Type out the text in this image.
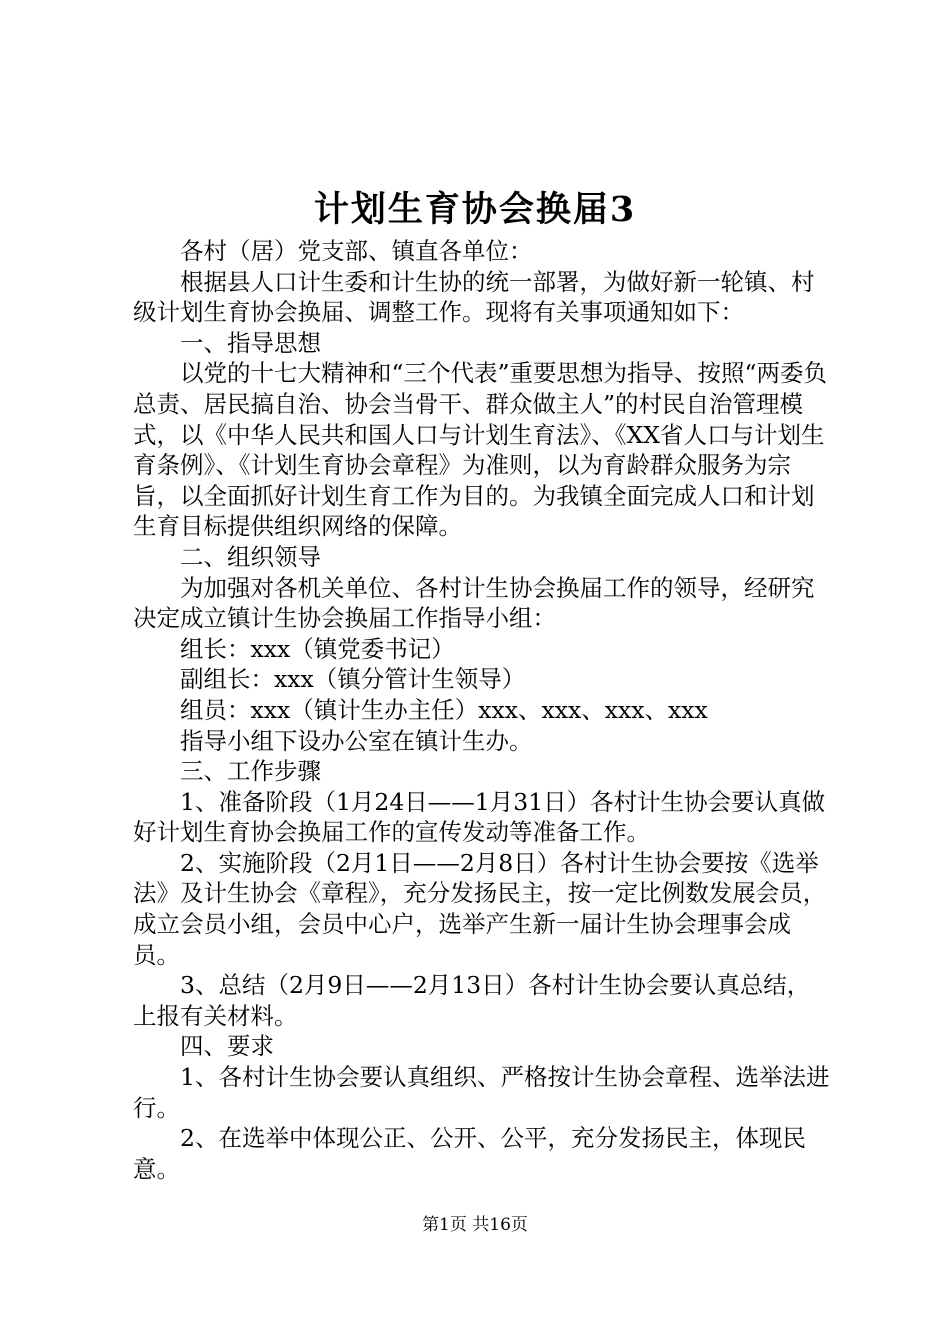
计划生育协会换届3

各村（居）党支部、镇直各单位：

根据县人口计生委和计生协的统一部署，为做好新一轮镇、村级计划生育协会换届、调整工作。现将有关事项通知如下：

一、指导思想

以党的十七大精神和“三个代表”重要思想为指导、按照“两委负总责、居民搞自治、协会当骨干、群众做主人”的村民自治管理模式，以《中华人民共和国人口与计划生育法》、《XX省人口与计划生育条例》、《计划生育协会章程》为准则，以为育龄群众服务为宗旨，以全面抓好计划生育工作为目的。为我镇全面完成人口和计划生育目标提供组织网络的保障。

二、组织领导

为加强对各机关单位、各村计生协会换届工作的领导，经研究决定成立镇计生协会换届工作指导小组：

组长：xxx（镇党委书记）

副组长：xxx（镇分管计生领导）

组员：xxx（镇计生办主任）xxx、xxx、xxx、xxx

指导小组下设办公室在镇计生办。

三、工作步骤

1、准备阶段（1月24日——1月31日）各村计生协会要认真做好计划生育协会换届工作的宣传发动等准备工作。

2、实施阶段（2月1日——2月8日）各村计生协会要按《选举法》及计生协会《章程》，充分发扬民主，按一定比例数发展会员，成立会员小组，会员中心户，选举产生新一届计生协会理事会成员。

3、总结（2月9日——2月13日）各村计生协会要认真总结，上报有关材料。

四、要求

1、各村计生协会要认真组织、严格按计生协会章程、选举法进行。

2、在选举中体现公正、公开、公平，充分发扬民主，体现民意。

第1页 共16页
